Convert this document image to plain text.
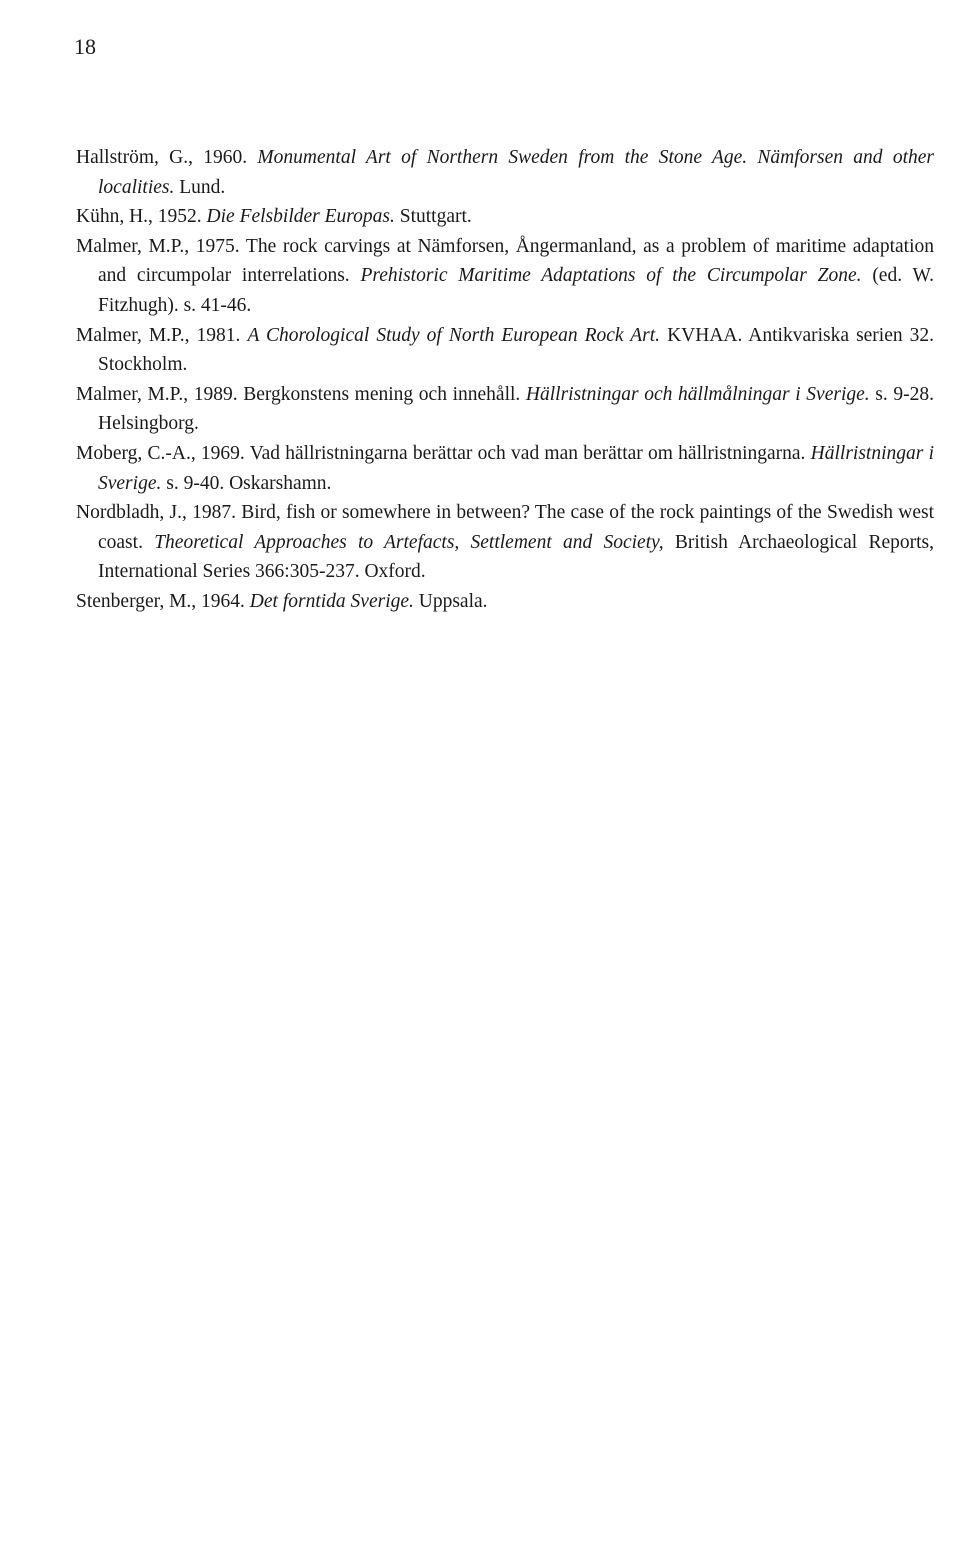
18
Hallström, G., 1960. Monumental Art of Northern Sweden from the Stone Age. Nämforsen and other localities. Lund.
Kühn, H., 1952. Die Felsbilder Europas. Stuttgart.
Malmer, M.P., 1975. The rock carvings at Nämforsen, Ångermanland, as a problem of maritime adaptation and circumpolar interrelations. Prehistoric Maritime Adaptations of the Circumpolar Zone. (ed. W. Fitzhugh). s. 41-46.
Malmer, M.P., 1981. A Chorological Study of North European Rock Art. KVHAA. Antikvariska serien 32. Stockholm.
Malmer, M.P., 1989. Bergkonstens mening och innehåll. Hällristningar och hällmålningar i Sverige. s. 9-28. Helsingborg.
Moberg, C.-A., 1969. Vad hällristningarna berättar och vad man berättar om hällristningarna. Hällristningar i Sverige. s. 9-40. Oskarshamn.
Nordbladh, J., 1987. Bird, fish or somewhere in between? The case of the rock paintings of the Swedish west coast. Theoretical Approaches to Artefacts, Settlement and Society, British Archaeological Reports, International Series 366:305-237. Oxford.
Stenberger, M., 1964. Det forntida Sverige. Uppsala.
